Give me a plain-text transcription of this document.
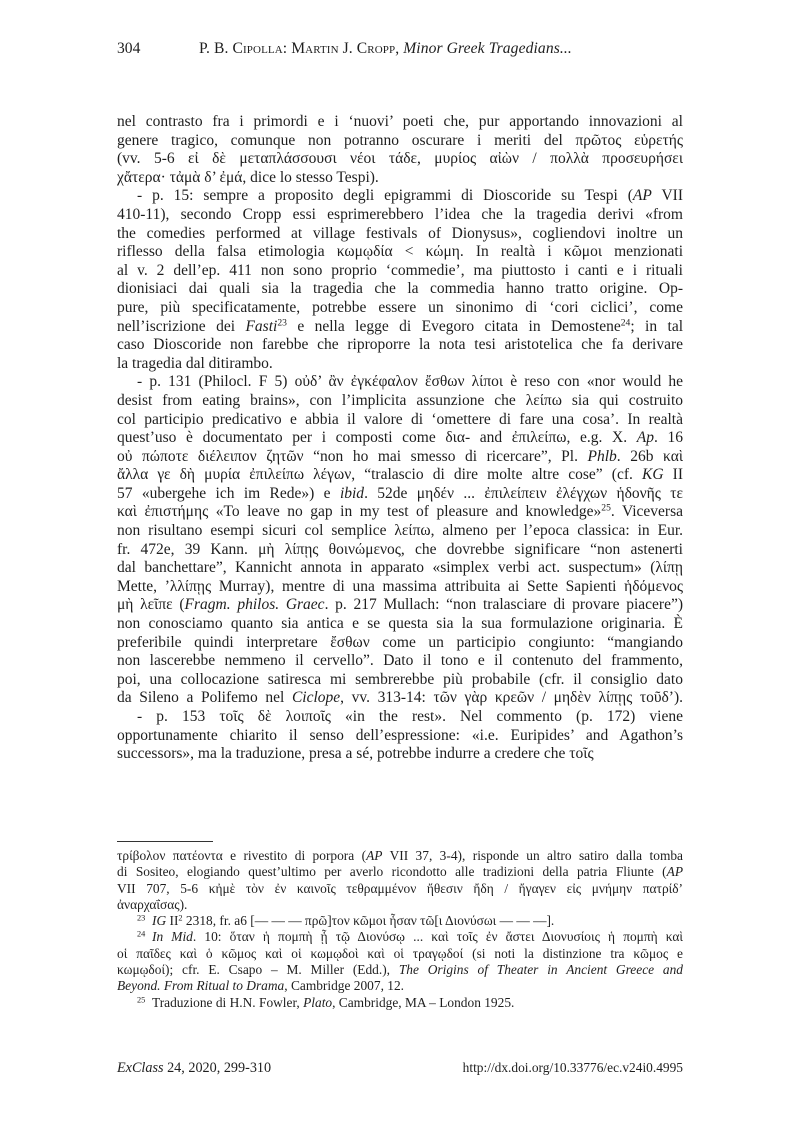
304	P. B. Cipolla: Martin J. Cropp, Minor Greek Tragedians...
nel contrasto fra i primordi e i ‘nuovi’ poeti che, pur apportando innovazioni al
genere tragico, comunque non potranno oscurare i meriti del πρῶτος εὑρετής
(vv. 5-6 εἰ δὲ μεταπλάσσουσι νέοι τάδε, μυρίος αἰὼν / πολλὰ προσευρήσει
χἄτερα· τἀμὰ δ’ ἐμά, dice lo stesso Tespi).
- p. 15: sempre a proposito degli epigrammi di Dioscoride su Tespi (AP VII
410-11), secondo Cropp essi esprimerebbero l’idea che la tragedia derivi «from
the comedies performed at village festivals of Dionysus», cogliendovi inoltre un
riflesso della falsa etimologia κωμῳδία < κώμη. In realtà i κῶμοι menzionati
al v. 2 dell’ep. 411 non sono proprio ‘commedie’, ma piuttosto i canti e i rituali
dionisiaci dai quali sia la tragedia che la commedia hanno tratto origine. Op-
pure, più specificatamente, potrebbe essere un sinonimo di ‘cori ciclici’, come
nell’iscrizione dei Fasti$^{23}$ e nella legge di Evegoro citata in Demostene$^{24}$; in tal
caso Dioscoride non farebbe che riproporre la nota tesi aristotelica che fa derivare
la tragedia dal ditirambo.
- p. 131 (Philocl. F 5) οὐδ’ ἂν ἐγκέφαλον ἔσθων λίποι è reso con «nor would he
desist from eating brains», con l’implicita assunzione che λείπω sia qui costruito
col participio predicativo e abbia il valore di ‘omettere di fare una cosa’. In realtà
quest’uso è documentato per i composti come δια- and ἐπιλείπω, e.g. X. Ap. 16
οὐ πώποτε διέλειπον ζητῶν “non ho mai smesso di ricercare”, Pl. Phlb. 26b καὶ
ἄλλα γε δὴ μυρία ἐπιλείπω λέγων, “tralascio di dire molte altre cose” (cf. KG II
57 «ubergehe ich im Rede») e ibid. 52de μηδέν ... ἐπιλείπειν ἐλέγχων ἡδονῆς τε
καὶ ἐπιστήμης «To leave no gap in my test of pleasure and knowledge»$^{25}$. Viceversa
non risultano esempi sicuri col semplice λείπω, almeno per l’epoca classica: in Eur.
fr. 472e, 39 Kann. μὴ λίπῃς θοινώμενος, che dovrebbe significare “non astenerti
dal banchettare”, Kannicht annota in apparato «simplex verbi act. suspectum» (λίπῃ
Mette, ’λλίπῃς Murray), mentre di una massima attribuita ai Sette Sapienti ἡδόμενος
μὴ λεῖπε (Fragm. philos. Graec. p. 217 Mullach: “non tralasciare di provare piacere”)
non conosciamo quanto sia antica e se questa sia la sua formulazione originaria. È
preferibile quindi interpretare ἔσθων come un participio congiunto: “mangiando
non lascerebbe nemmeno il cervello”. Dato il tono e il contenuto del frammento,
poi, una collocazione satiresca mi sembrerebbe più probabile (cfr. il consiglio dato
da Sileno a Polifemo nel Ciclope, vv. 313-14: τῶν γὰρ κρεῶν / μηδὲν λίπῃς τοῦδ’).
- p. 153 τοῖς δὲ λοιποῖς «in the rest». Nel commento (p. 172) viene
opportunamente chiarito il senso dell’espressione: «i.e. Euripides’ and Agathon’s
successors», ma la traduzione, presa a sé, potrebbe indurre a credere che τοῖς
τρίβολον πατέοντα e rivestito di porpora (AP VII 37, 3-4), risponde un altro satiro dalla tomba
di Sositeo, elogiando quest’ultimo per averlo ricondotto alle tradizioni della patria Fliunte (AP
VII 707, 5-6 κἠμὲ τὸν ἐν καινοῖς τεθραμμένον ἤθεσιν ἤδη / ἤγαγεν εἰς μνήμην πατρίδ’
ἀναρχαΐσας).
$^{23}$  IG $II^2$ 2318, fr. a6 [— — — πρῶ]τον κῶμοι ἦσαν τῶ[ι Διονύσωι — — —].
$^{24}$  In Mid. 10: ὅταν ἡ πομπὴ ᾖ τῷ Διονύσῳ ... καὶ τοῖς ἐν ἄστει Διονυσίοις ἡ πομπὴ καὶ
οἱ παῖδες καὶ ὁ κῶμος καὶ οἱ κωμῳδοὶ καὶ οἱ τραγῳδοί (si noti la distinzione tra κῶμος e
κωμῳδοί); cfr. E. Csapo – M. Miller (Edd.), The Origins of Theater in Ancient Greece and
Beyond. From Ritual to Drama, Cambridge 2007, 12.
$^{25}$  Traduzione di H.N. Fowler, Plato, Cambridge, MA – London 1925.
ExClass 24, 2020, 299-310	http://dx.doi.org/10.33776/ec.v24i0.4995
